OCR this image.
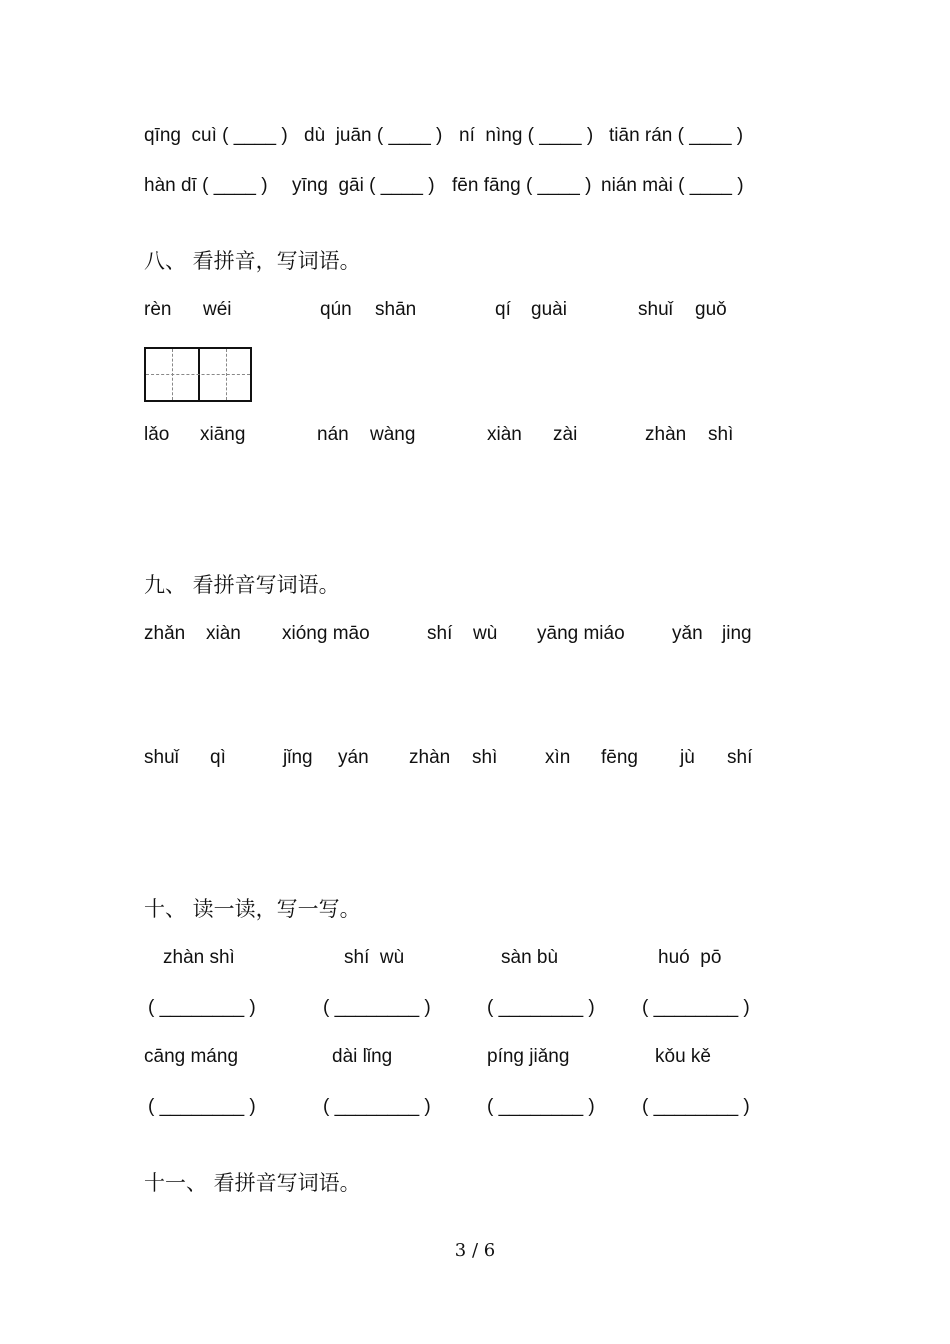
qīng  cuì ( ____ ) dù  juān ( ____ ) ní  nìng ( ____ ) tiān rán ( ____ )
hàn dī ( ____ ) yīng  gāi ( ____ ) fēn fāng ( ____ ) nián mài ( ____ )
八、 看拼音，写词语。
rèn wéi	qún shān	qí guài	shuǐ guǒ
lǎo xiāng	nán wàng	xiàn zài	zhàn shì
九、 看拼音写词语。
zhǎn xiàn xióng māo	shí wù yāng miáo yǎn jing
shuǐ qì	jǐng yán zhàn shì	xìn fēng jù shí
十、 读一读，写一写。
zhàn shì	shí  wù	sàn bù	huó  pō
( ________ )	( ________ )	( ________ ) ( ________ )
cāng máng	dài lǐng	píng jiǎng	kǒu kě
( ________ )	( ________ )	( ________ ) ( ________ )
十一、 看拼音写词语。
3 / 6
